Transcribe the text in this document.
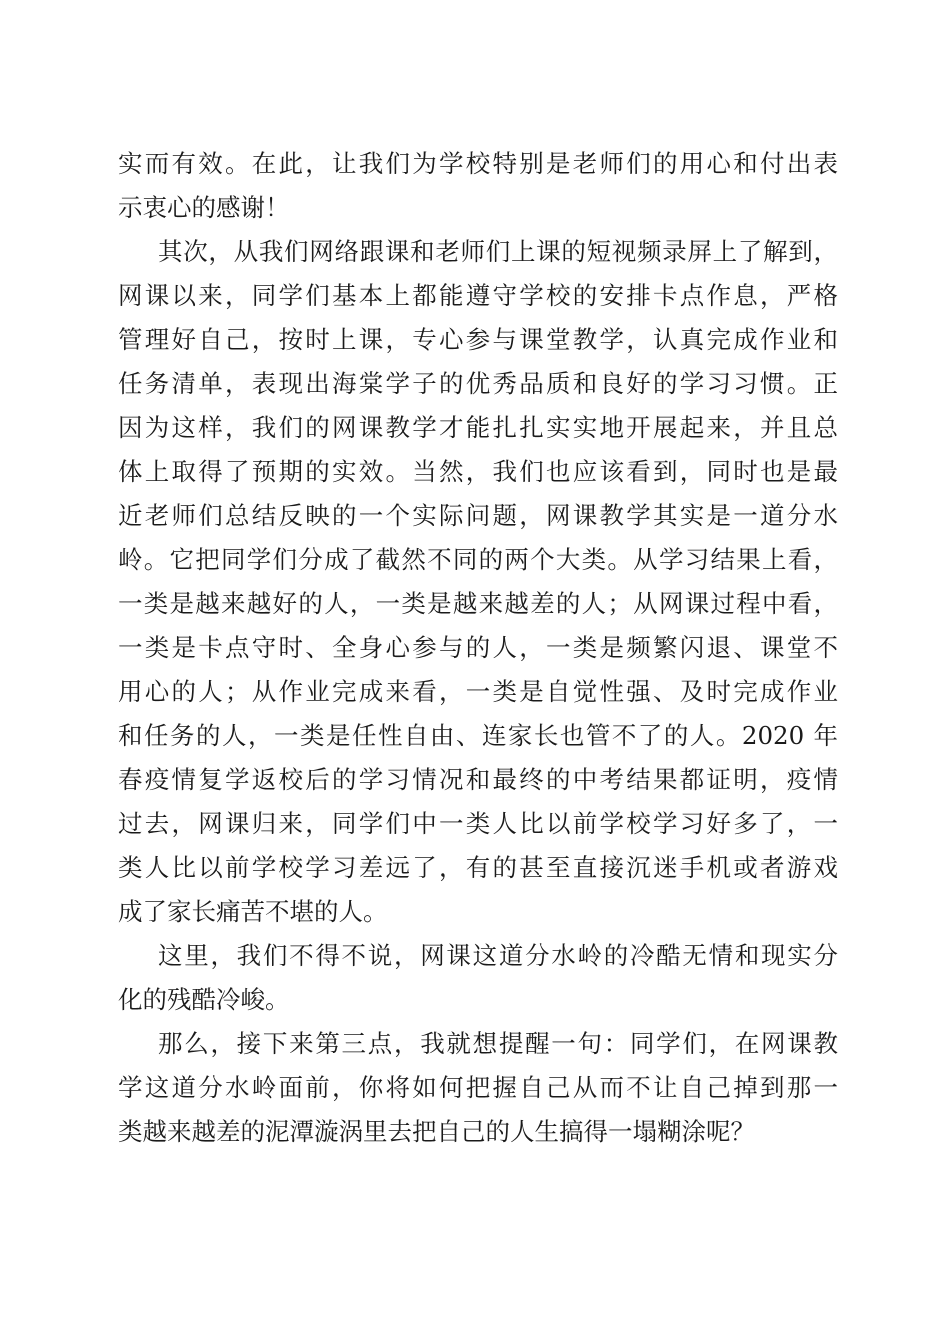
实而有效。在此，让我们为学校特别是老师们的用心和付出表
示衷心的感谢！
其次，从我们网络跟课和老师们上课的短视频录屏上了解到，
网课以来，同学们基本上都能遵守学校的安排卡点作息，严格
管理好自己，按时上课，专心参与课堂教学，认真完成作业和
任务清单，表现出海棠学子的优秀品质和良好的学习习惯。正
因为这样，我们的网课教学才能扎扎实实地开展起来，并且总
体上取得了预期的实效。当然，我们也应该看到，同时也是最
近老师们总结反映的一个实际问题，网课教学其实是一道分水
岭。它把同学们分成了截然不同的两个大类。从学习结果上看，
一类是越来越好的人，一类是越来越差的人；从网课过程中看，
一类是卡点守时、全身心参与的人，一类是频繁闪退、课堂不
用心的人；从作业完成来看，一类是自觉性强、及时完成作业
和任务的人，一类是任性自由、连家长也管不了的人。2020 年
春疫情复学返校后的学习情况和最终的中考结果都证明，疫情
过去，网课归来，同学们中一类人比以前学校学习好多了，一
类人比以前学校学习差远了，有的甚至直接沉迷手机或者游戏
成了家长痛苦不堪的人。
这里，我们不得不说，网课这道分水岭的冷酷无情和现实分
化的残酷冷峻。
那么，接下来第三点，我就想提醒一句：同学们，在网课教
学这道分水岭面前，你将如何把握自己从而不让自己掉到那一
类越来越差的泥潭漩涡里去把自己的人生搞得一塌糊涂呢？
